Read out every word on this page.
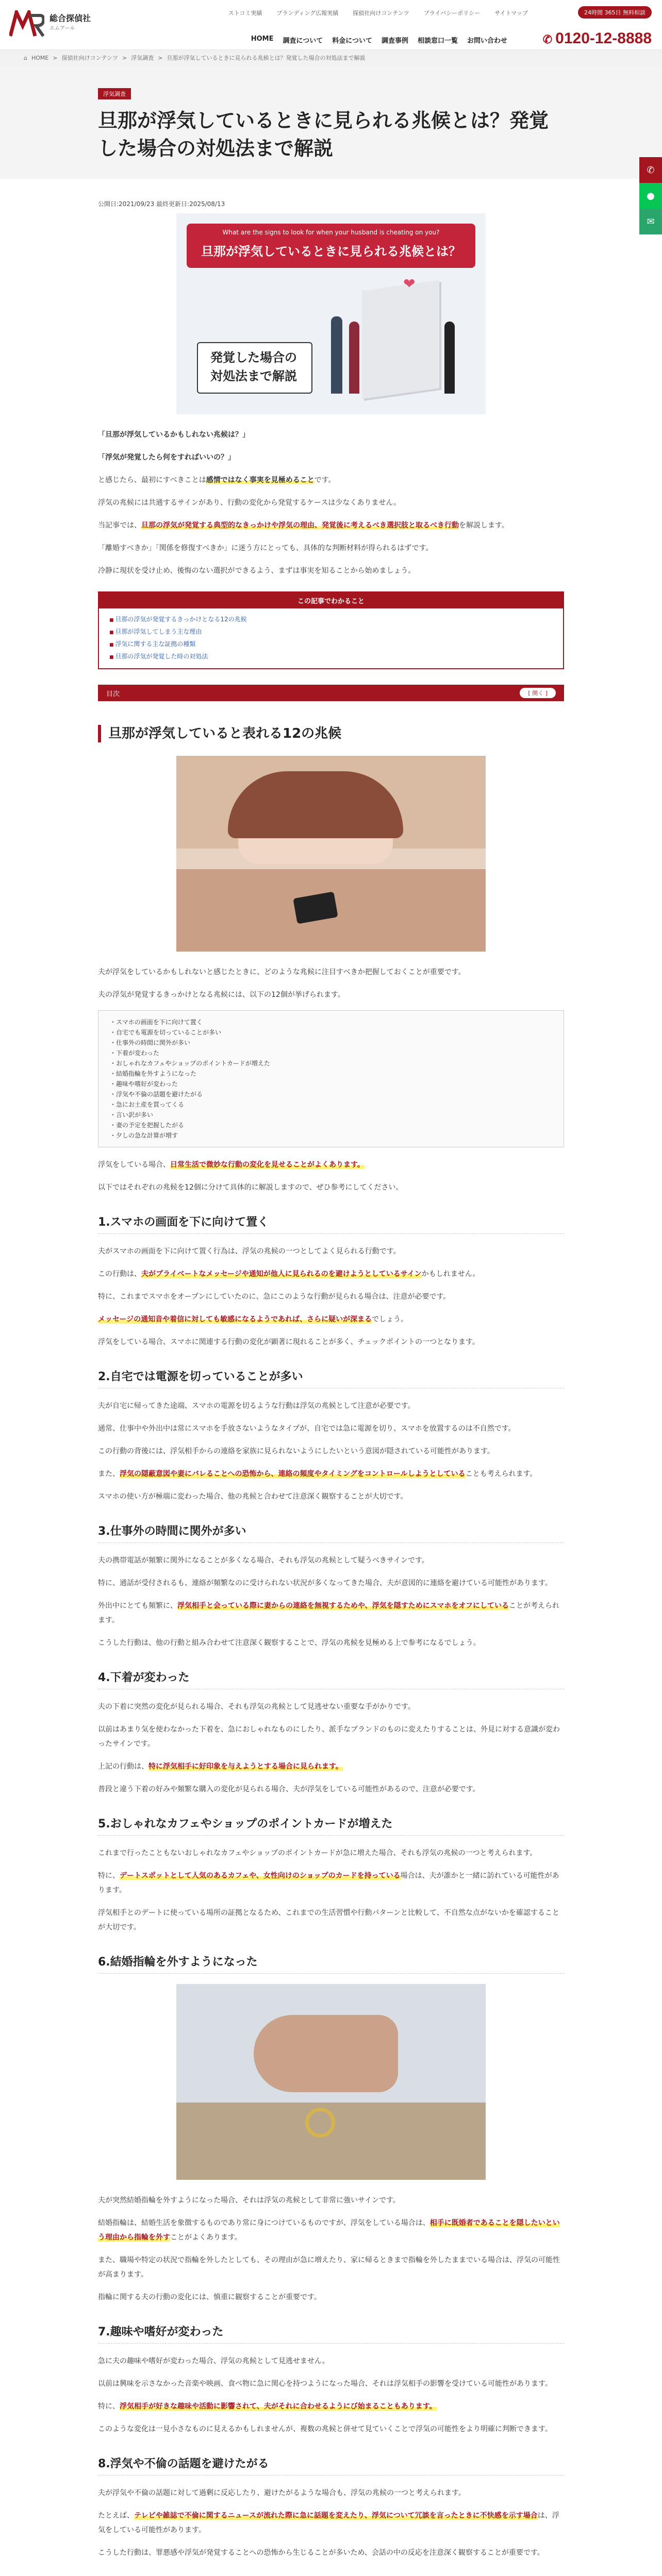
総合探偵社
エムアール
ストコミ実績	ブランディング広報実績	探偵社向けコンテンツ	プライバシーポリシー	サイトマップ	24時間 365日 無料相談
HOME 調査について 料金について 調査事例 相談窓口一覧 お問い合わせ	✆ 0120-12-8888
⌂ HOME > 探偵社向けコンテンツ > 浮気調査 > 旦那が浮気しているときに見られる兆候とは？発覚した場合の対処法まで解説
浮気調査
旦那が浮気しているときに見られる兆候とは？発覚した場合の対処法まで解説
✆
●
✉
公開日:2021/09/23 最終更新日:2025/08/13
What are the signs to look for when your husband is cheating on you?
旦那が浮気しているときに見られる兆候とは？
❤
発覚した場合の
対処法まで解説

「旦那が浮気しているかもしれない兆候は？」

「浮気が発覚したら何をすればいいの？」

と感じたら、最初にすべきことは感情ではなく事実を見極めることです。

浮気の兆候には共通するサインがあり、行動の変化から発覚するケースは少なくありません。

当記事では、旦那の浮気が発覚する典型的なきっかけや浮気の理由、発覚後に考えるべき選択肢と取るべき行動を解説します。

「離婚すべきか」「関係を修復すべきか」に迷う方にとっても、具体的な判断材料が得られるはずです。

冷静に現状を受け止め、後悔のない選択ができるよう、まずは事実を知ることから始めましょう。

この記事でわかること
■ 旦那の浮気が発覚するきっかけとなる12の兆候
■ 旦那が浮気してしまう主な理由
■ 浮気に関する主な証拠の種類
■ 旦那の浮気が発覚した時の対処法
目次	[ 開く ]
旦那が浮気していると表れる12の兆候

夫が浮気をしているかもしれないと感じたときに、どのような兆候に注目すべきか把握しておくことが重要です。

夫の浮気が発覚するきっかけとなる兆候には、以下の12個が挙げられます。

・ スマホの画面を下に向けて置く
・ 自宅でも電源を切っていることが多い
・ 仕事外の時間に関外が多い
・ 下着が変わった
・ おしゃれなカフェやショップのポイントカードが増えた
・ 結婚指輪を外すようになった
・ 趣味や嗜好が変わった
・ 浮気や不倫の話題を避けたがる
・ 急にお土産を買ってくる
・ 言い訳が多い
・ 妻の予定を把握したがる
・ 夕しの急な計算が増す

浮気をしている場合、日常生活で微妙な行動の変化を見せることがよくあります。

以下ではそれぞれの兆候を12個に分けて具体的に解説しますので、ぜひ参考にしてください。

1.スマホの画面を下に向けて置く

夫がスマホの画面を下に向けて置く行為は、浮気の兆候の一つとしてよく見られる行動です。

この行動は、夫がプライベートなメッセージや通知が他人に見られるのを避けようとしているサインかもしれません。

特に、これまでスマホをオープンにしていたのに、急にこのような行動が見られる場合は、注意が必要です。

メッセージの通知音や着信に対しても敏感になるようであれば、さらに疑いが深まるでしょう。

浮気をしている場合、スマホに関連する行動の変化が顕著に現れることが多く、チェックポイントの一つとなります。

2.自宅では電源を切っていることが多い

夫が自宅に帰ってきた途端、スマホの電源を切るような行動は浮気の兆候として注意が必要です。

通常、仕事中や外出中は常にスマホを手放さないようなタイプが、自宅では急に電源を切り、スマホを放置するのは不自然です。

この行動の背後には、浮気相手からの連絡を家族に見られないようにしたいという意図が隠されている可能性があります。

また、浮気の隠蔽意図や妻にバレることへの恐怖から、連絡の頻度やタイミングをコントロールしようとしていることも考えられます。

スマホの使い方が極端に変わった場合、他の兆候と合わせて注意深く観察することが大切です。

3.仕事外の時間に関外が多い

夫の携帯電話が頻繁に関外になることが多くなる場合、それも浮気の兆候として疑うべきサインです。

特に、通話が受付されるも、連絡が頻繁なのに受けられない状況が多くなってきた場合、夫が意図的に連絡を避けている可能性があります。

外出中にとても頻繁に、浮気相手と会っている際に妻からの連絡を無視するためや、浮気を隠すためにスマホをオフにしていることが考えられます。

こうした行動は、他の行動と組み合わせて注意深く観察することで、浮気の兆候を見極める上で参考になるでしょう。

4.下着が変わった

夫の下着に突然の変化が見られる場合、それも浮気の兆候として見逃せない重要な手がかりです。

以前はあまり気を使わなかった下着を、急におしゃれなものにしたり、派手なブランドのものに変えたりすることは、外見に対する意識が変わったサインです。

上記の行動は、特に浮気相手に好印象を与えようとする場合に見られます。

普段と違う下着の好みや頻繁な購入の変化が見られる場合、夫が浮気をしている可能性があるので、注意が必要です。

5.おしゃれなカフェやショップのポイントカードが増えた

これまで行ったこともないおしゃれなカフェやショップのポイントカードが急に増えた場合、それも浮気の兆候の一つと考えられます。

特に、デートスポットとして人気のあるカフェや、女性向けのショップのカードを持っている場合は、夫が誰かと一緒に訪れている可能性があります。

浮気相手とのデートに使っている場所の証拠となるため、これまでの生活習慣や行動パターンと比較して、不自然な点がないかを確認することが大切です。

6.結婚指輪を外すようになった

夫が突然結婚指輪を外すようになった場合、それは浮気の兆候として非常に強いサインです。

結婚指輪は、結婚生活を象徴するものであり常に身につけているものですが、浮気をしている場合は、相手に既婚者であることを隠したいという理由から指輪を外すことがよくあります。

また、職場や特定の状況で指輪を外したとしても、その理由が急に増えたり、家に帰るときまで指輪を外したままでいる場合は、浮気の可能性が高まります。

指輪に関する夫の行動の変化には、慎重に観察することが重要です。

7.趣味や嗜好が変わった

急に夫の趣味や嗜好が変わった場合、浮気の兆候として見逃せません。

以前は興味を示さなかった音楽や映画、食べ物に急に関心を持つようになった場合、それは浮気相手の影響を受けている可能性があります。

特に、浮気相手が好きな趣味や活動に影響されて、夫がそれに合わせるようにび始まることもあります。

このような変化は一見小さなものに見えるかもしれませんが、複数の兆候と併せて見ていくことで浮気の可能性をより明確に判断できます。

8.浮気や不倫の話題を避けたがる

夫が浮気や不倫の話題に対して過剰に反応したり、避けたがるような場合も、浮気の兆候の一つと考えられます。

たとえば、テレビや雑誌で不倫に関するニュースが流れた際に急に話題を変えたり、浮気について冗談を言ったときに不快感を示す場合は、浮気をしている可能性があります。

こうした行動は、罪悪感や浮気が発覚することへの恐怖から生じることが多いため、会話の中の反応を注意深く観察することが重要です。
